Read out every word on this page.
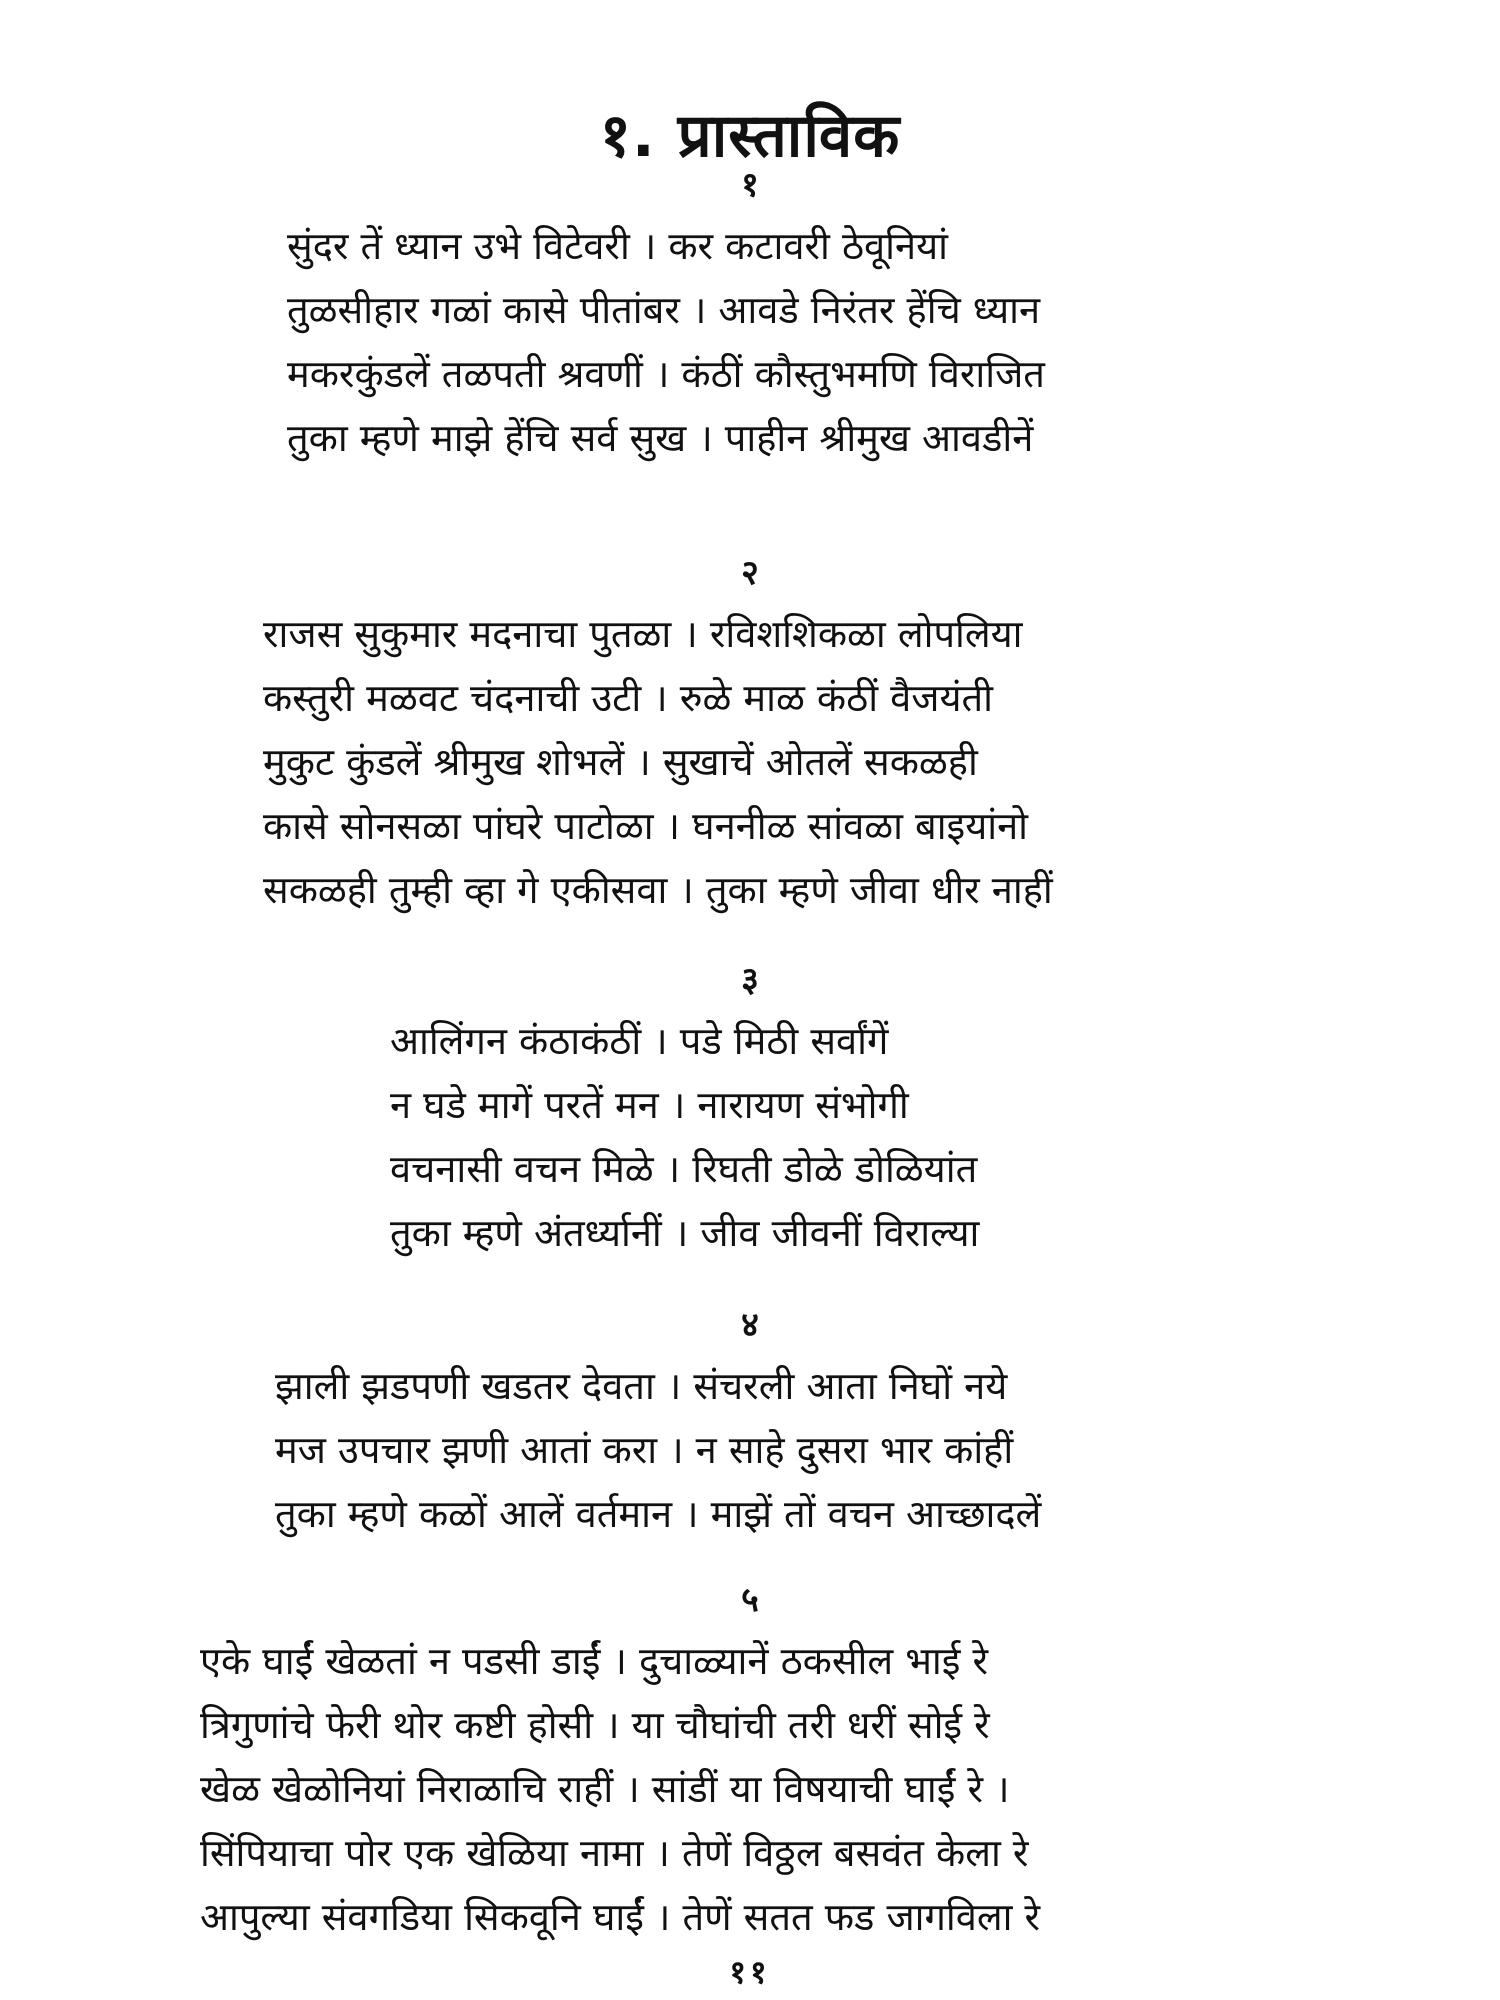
१. प्रास्ताविक
१
सुंदर तें ध्यान उभे विटेवरी । कर कटावरी ठेवूनियां
तुळसीहार गळां कासे पीतांबर । आवडे निरंतर हेंचि ध्यान
मकरकुंडलें तळपती श्रवणीं । कंठीं कौस्तुभमणि विराजित
तुका म्हणे माझे हेंचि सर्व सुख । पाहीन श्रीमुख आवडीनें
२
राजस सुकुमार मदनाचा पुतळा । रविशशिकळा लोपलिया
कस्तुरी मळवट चंदनाची उटी । रुळे माळ कंठीं वैजयंती
मुकुट कुंडलें श्रीमुख शोभलें । सुखाचें ओतलें सकळही
कासे सोनसळा पांघरे पाटोळा । घननीळ सांवळा बाइयांनो
सकळही तुम्ही व्हा गे एकीसवा । तुका म्हणे जीवा धीर नाहीं
३
आलिंगन कंठाकंठीं । पडे मिठी सर्वांगें
न घडे मागें परतें मन । नारायण संभोगी
वचनासी वचन मिळे । रिघती डोळे डोळियांत
तुका म्हणे अंतर्ध्यानीं । जीव जीवनीं विराल्या
४
झाली झडपणी खडतर देवता । संचरली आता निघों नये
मज उपचार झणी आतां करा । न साहे दुसरा भार कांहीं
तुका म्हणे कळों आलें वर्तमान । माझें तों वचन आच्छादलें
५
एके घाईं खेळतां न पडसी डाईं । दुचाळ्यानें ठकसील भाई रे
त्रिगुणांचे फेरी थोर कष्टी होसी । या चौघांची तरी धरीं सोई रे
खेळ खेळोनियां निराळाचि राहीं । सांडीं या विषयाची घाईं रे ।
सिंपियाचा पोर एक खेळिया नामा । तेणें विठ्ठल बसवंत केला रे
आपुल्या संवगडिया सिकवूनि घाईं । तेणें सतत फड जागविला रे
११
